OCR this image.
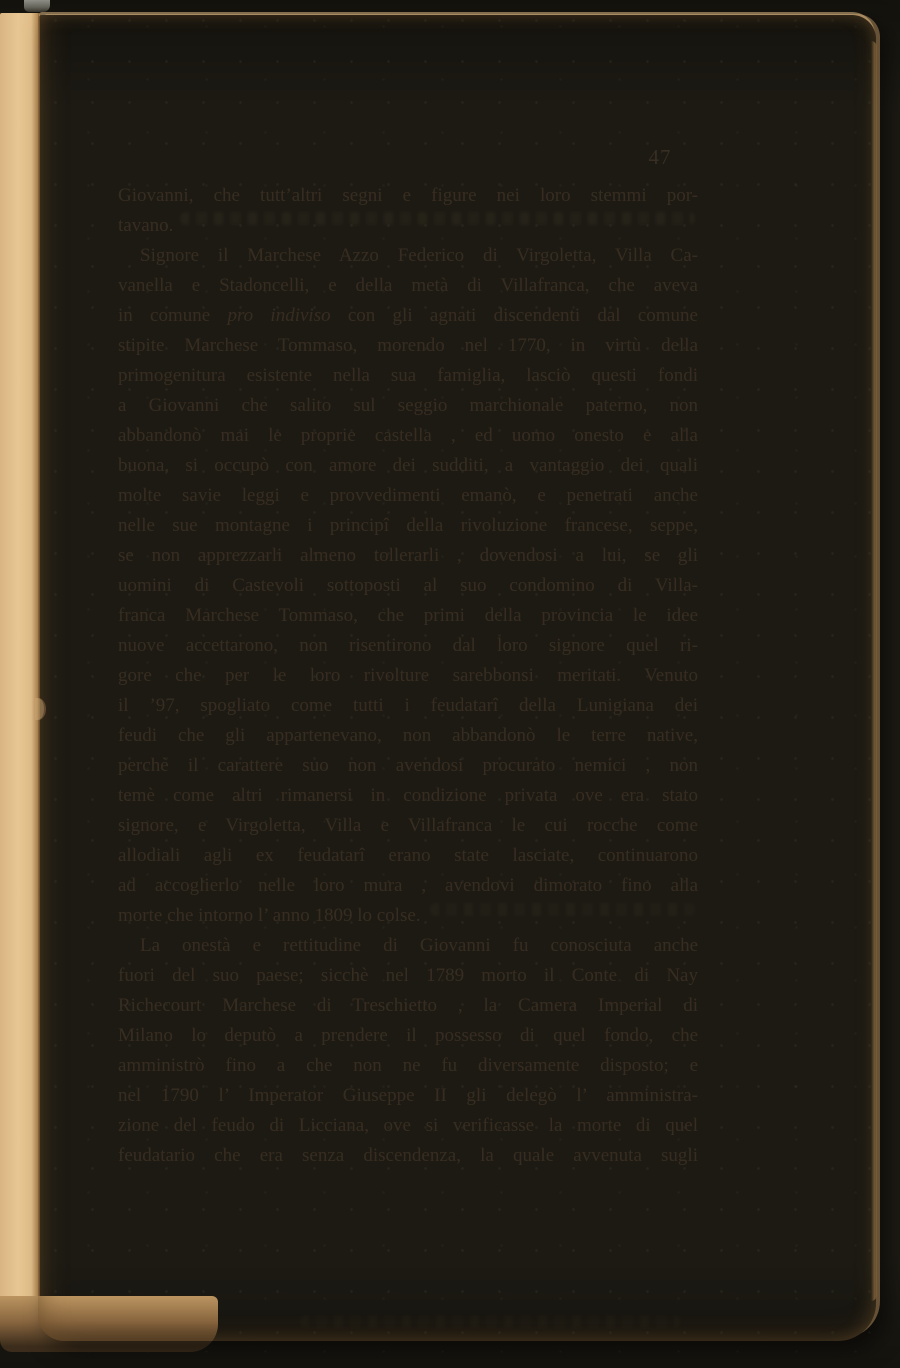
47
Giovanni, che tutt’altri segni e figure nei loro stemmi por-
tavano.
Signore il Marchese Azzo Federico di Virgoletta, Villa Ca-
vanella e Stadoncelli, e della metà di Villafranca, che aveva
in comune pro indiviso con gli agnati discendenti dal comune
stipite Marchese Tommaso, morendo nel 1770, in virtù della
primogenitura esistente nella sua famiglia, lasciò questi fondi
a Giovanni che salito sul seggio marchionale paterno, non
abbandonò mai le proprie castella , ed uomo onesto e alla
buona, si occupò con amore dei sudditi, a vantaggio dei quali
molte savie leggi e provvedimenti emanò, e penetrati anche
nelle sue montagne i principî della rivoluzione francese, seppe,
se non apprezzarli almeno tollerarli , dovendosi a lui, se gli
uomini di Castevoli sottoposti al suo condomino di Villa-
franca Marchese Tommaso, che primi della provincia le idee
nuove accettarono, non risentirono dal loro signore quel ri-
gore che per le loro rivolture sarebbonsi meritati. Venuto
il ’97, spogliato come tutti i feudatarî della Lunigiana dei
feudi che gli appartenevano, non abbandonò le terre native,
perchè il carattere suo non avendosi procurato nemici , non
temè come altri rimanersi in condizione privata ove era stato
signore, e Virgoletta, Villa e Villafranca le cui rocche come
allodiali agli ex feudatarî erano state lasciate, continuarono
ad accoglierlo nelle loro mura , avendovi dimorato fino alla
morte che intorno l’ anno 1809 lo colse.
La onestà e rettitudine di Giovanni fu conosciuta anche
fuori del suo paese; sicchè nel 1789 morto il Conte di Nay
Richecourt Marchese di Treschietto , la Camera Imperial di
Milano lo deputò a prendere il possesso di quel fondo, che
amministrò fino a che non ne fu diversamente disposto; e
nel 1790 l’ Imperator Giuseppe II gli delegò l’ amministra-
zione del feudo di Licciana, ove si verificasse la morte di quel
feudatario che era senza discendenza, la quale avvenuta sugli
